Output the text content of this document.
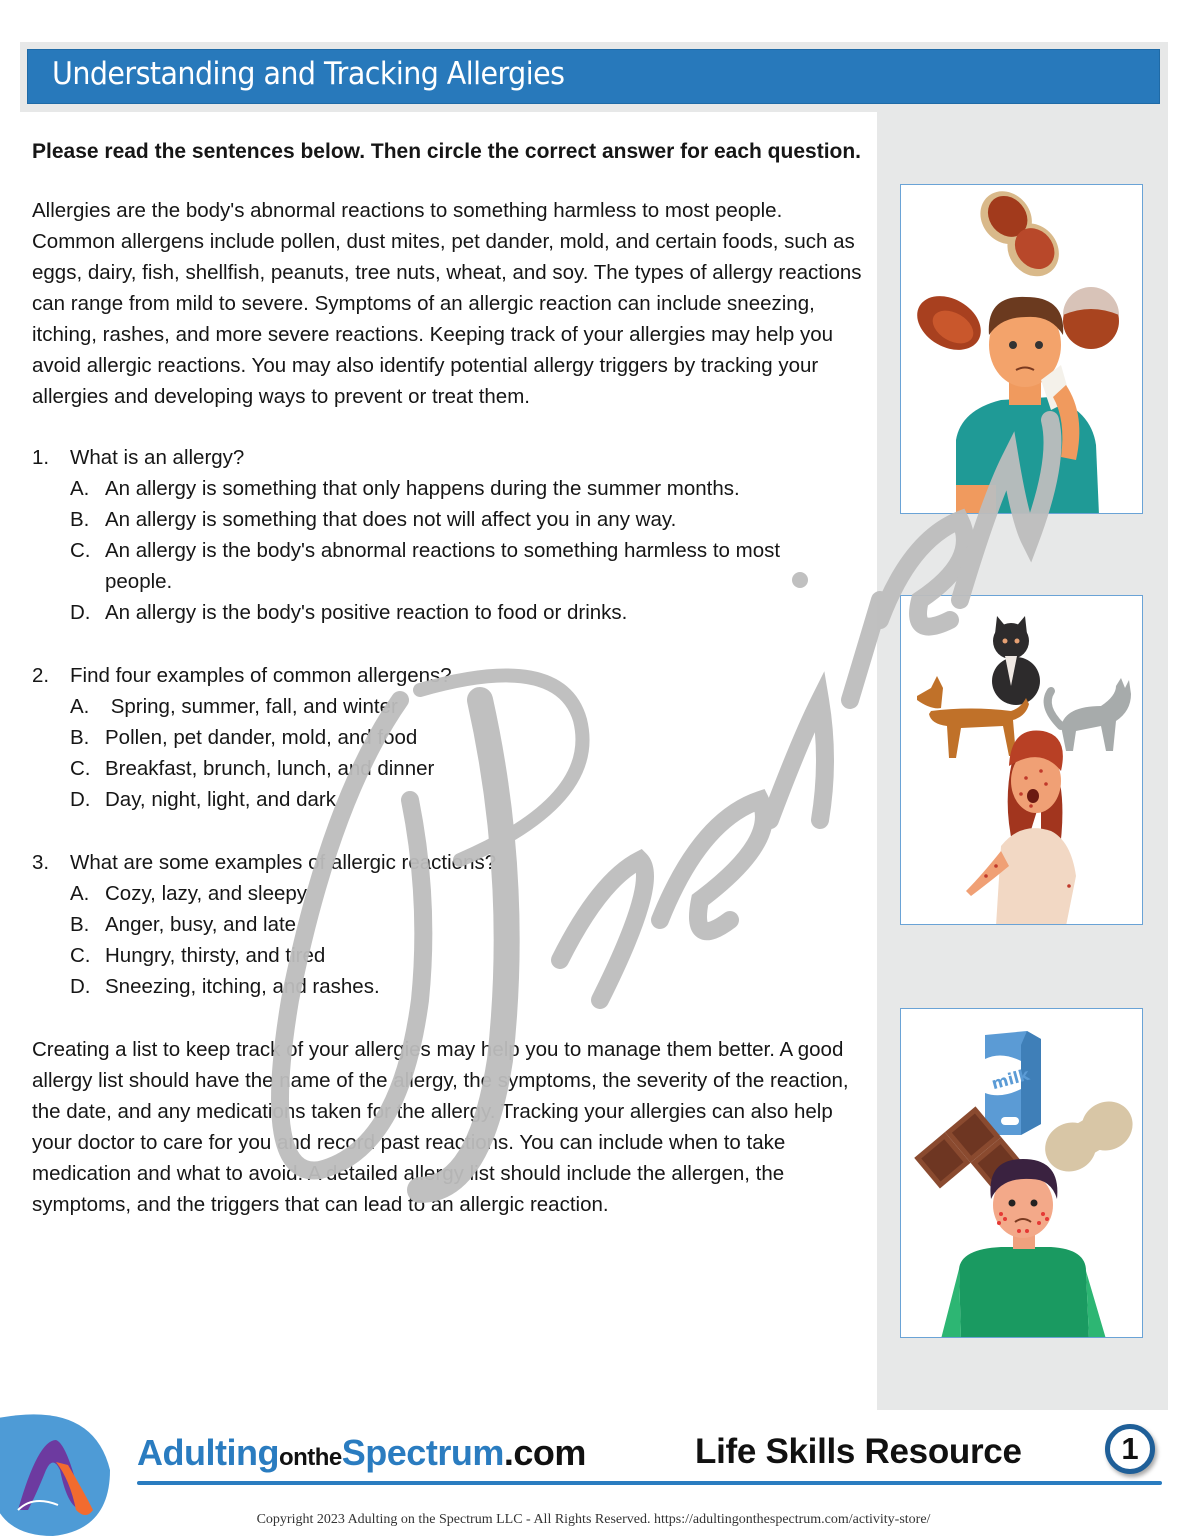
Understanding and Tracking Allergies

Please read the sentences below. Then circle the correct answer for each question.

Allergies are the body's abnormal reactions to something harmless to most people. Common allergens include pollen, dust mites, pet dander, mold, and certain foods, such as eggs, dairy, fish, shellfish, peanuts, tree nuts, wheat, and soy. The types of allergy reactions can range from mild to severe. Symptoms of an allergic reaction can include sneezing, itching, rashes, and more severe reactions. Keeping track of your allergies may help you avoid allergic reactions. You may also identify potential allergy triggers by tracking your allergies and developing ways to prevent or treat them.

1.	What is an allergy?
A. An allergy is something that only happens during the summer months.
B. An allergy is something that does not will affect you in any way.
C. An allergy is the body's abnormal reactions to something harmless to most people.
D. An allergy is the body's positive reaction to food or drinks.
2.	Find four examples of common allergens?
A. Spring, summer, fall, and winter
B. Pollen, pet dander, mold, and food
C. Breakfast, brunch, lunch, and dinner
D. Day, night, light, and dark
3.	What are some examples of allergic reactions?
A. Cozy, lazy, and sleepy
B. Anger, busy, and late
C. Hungry, thirsty, and tired
D. Sneezing, itching, and rashes.

Creating a list to keep track of your allergies may help you to manage them better. A good allergy list should have the name of the allergy, the symptoms, the severity of the reaction, the date, and any medications taken for the allergy. Tracking your allergies can also help your doctor to care for you and record past reactions. You can include when to take medication and what to avoid. A detailed allergy list should include the allergen, the symptoms, and the triggers that can lead to an allergic reaction.

milk
AdultingontheSpectrum.com	Life Skills Resource	1
Copyright 2023 Adulting on the Spectrum LLC - All Rights Reserved. https://adultingonthespectrum.com/activity-store/
